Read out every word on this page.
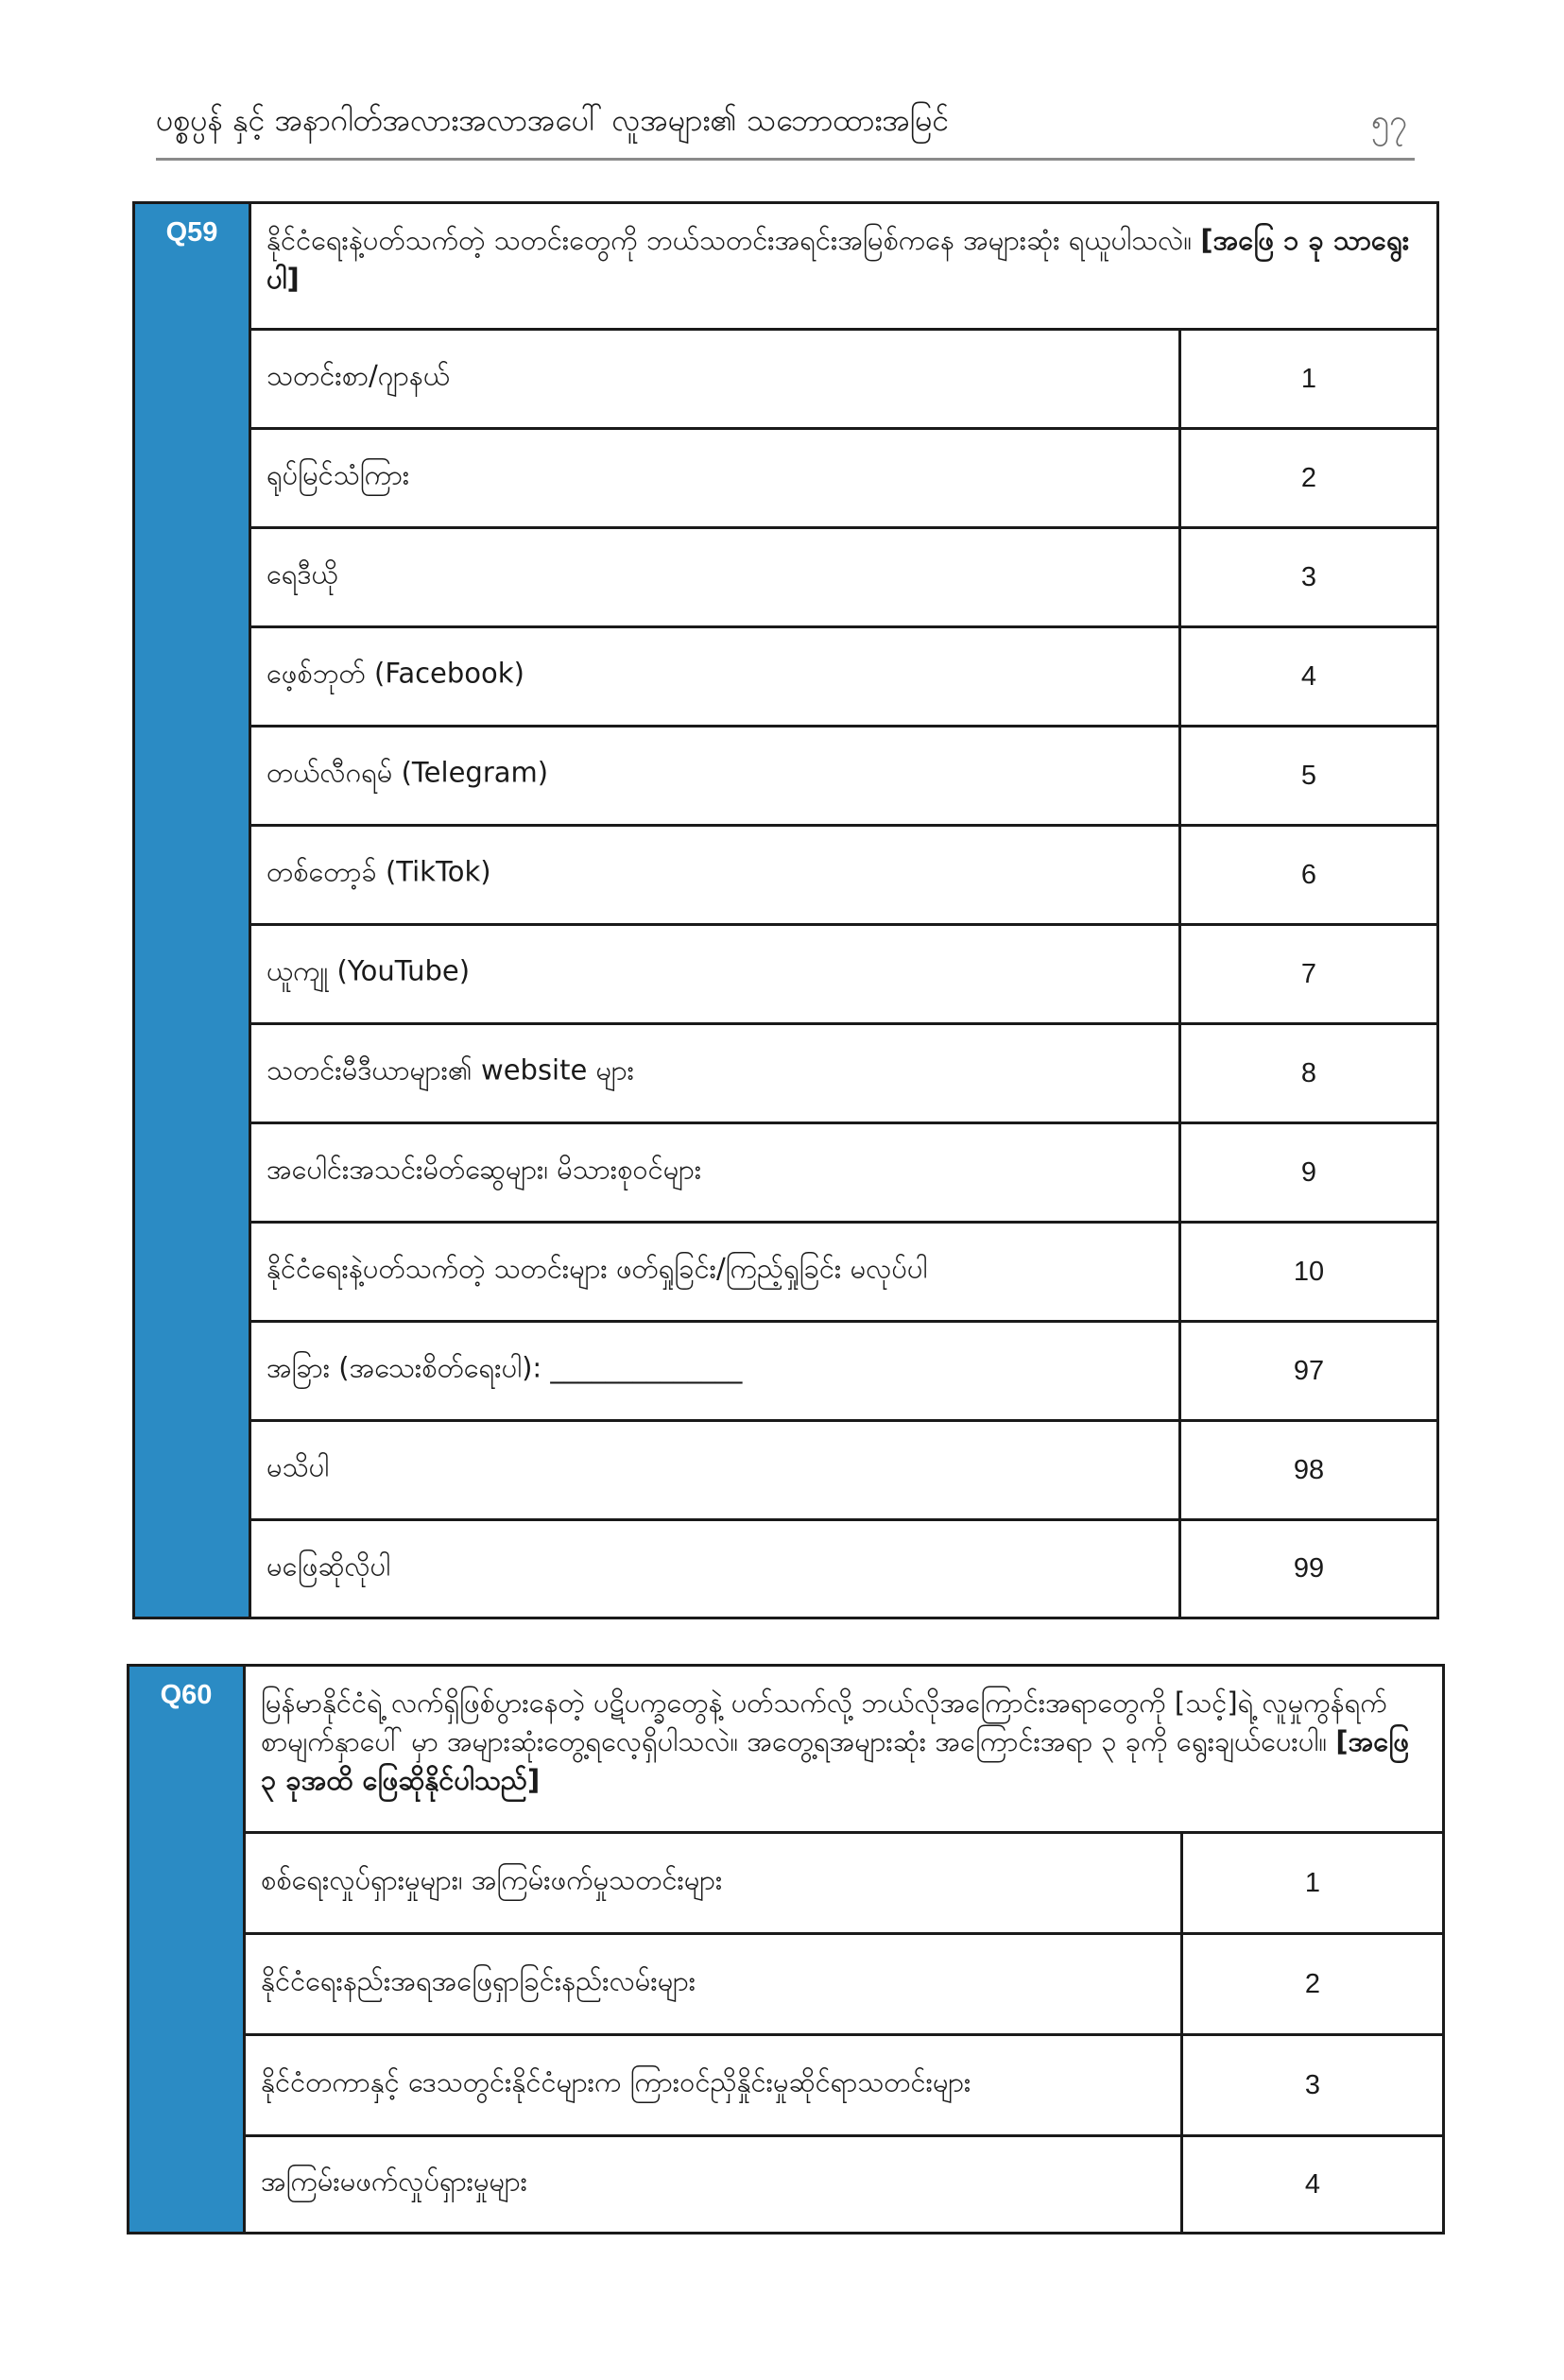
ပစ္စပ္ပန် နှင့် အနာဂါတ်အလားအလာအပေါ် လူအများ၏ သဘောထားအမြင်	၅၇
Q59	နိုင်ငံရေးနဲ့ပတ်သက်တဲ့ သတင်းတွေကို ဘယ်သတင်းအရင်းအမြစ်ကနေ အများဆုံး ရယူပါသလဲ။ [အဖြေ ၁ ခု သာရွေးပါ]
သတင်းစာ/ဂျာနယ်	1
ရုပ်မြင်သံကြား	2
ရေဒီယို	3
ဖေ့စ်ဘုတ် (Facebook)	4
တယ်လီဂရမ် (Telegram)	5
တစ်တော့ခ် (TikTok)	6
ယူကျု (YouTube)	7
သတင်းမီဒီယာများ၏ website များ	8
အပေါင်းအသင်းမိတ်ဆွေများ၊ မိသားစုဝင်များ	9
နိုင်ငံရေးနဲ့ပတ်သက်တဲ့ သတင်းများ ဖတ်ရှုခြင်း/ကြည့်ရှုခြင်း မလုပ်ပါ	10
အခြား (အသေးစိတ်ရေးပါ): ______________	97
မသိပါ	98
မဖြေဆိုလိုပါ	99
Q60	မြန်မာနိုင်ငံရဲ့ လက်ရှိဖြစ်ပွားနေတဲ့ ပဋိပက္ခတွေနဲ့ ပတ်သက်လို့ ဘယ်လိုအကြောင်းအရာတွေကို [သင့်]ရဲ့ လူမှုကွန်ရက်စာမျက်နှာပေါ် မှာ အများဆုံးတွေ့ရလေ့ရှိပါသလဲ။ အတွေ့ရအများဆုံး အကြောင်းအရာ ၃ ခုကို ရွေးချယ်ပေးပါ။ [အဖြေ ၃ ခုအထိ ဖြေဆိုနိုင်ပါသည်]
စစ်ရေးလှုပ်ရှားမှုများ၊ အကြမ်းဖက်မှုသတင်းများ	1
နိုင်ငံရေးနည်းအရအဖြေရှာခြင်းနည်းလမ်းများ	2
နိုင်ငံတကာနှင့် ဒေသတွင်းနိုင်ငံများက ကြားဝင်ညှိနှိုင်းမှုဆိုင်ရာသတင်းများ	3
အကြမ်းမဖက်လှုပ်ရှားမှုများ	4
